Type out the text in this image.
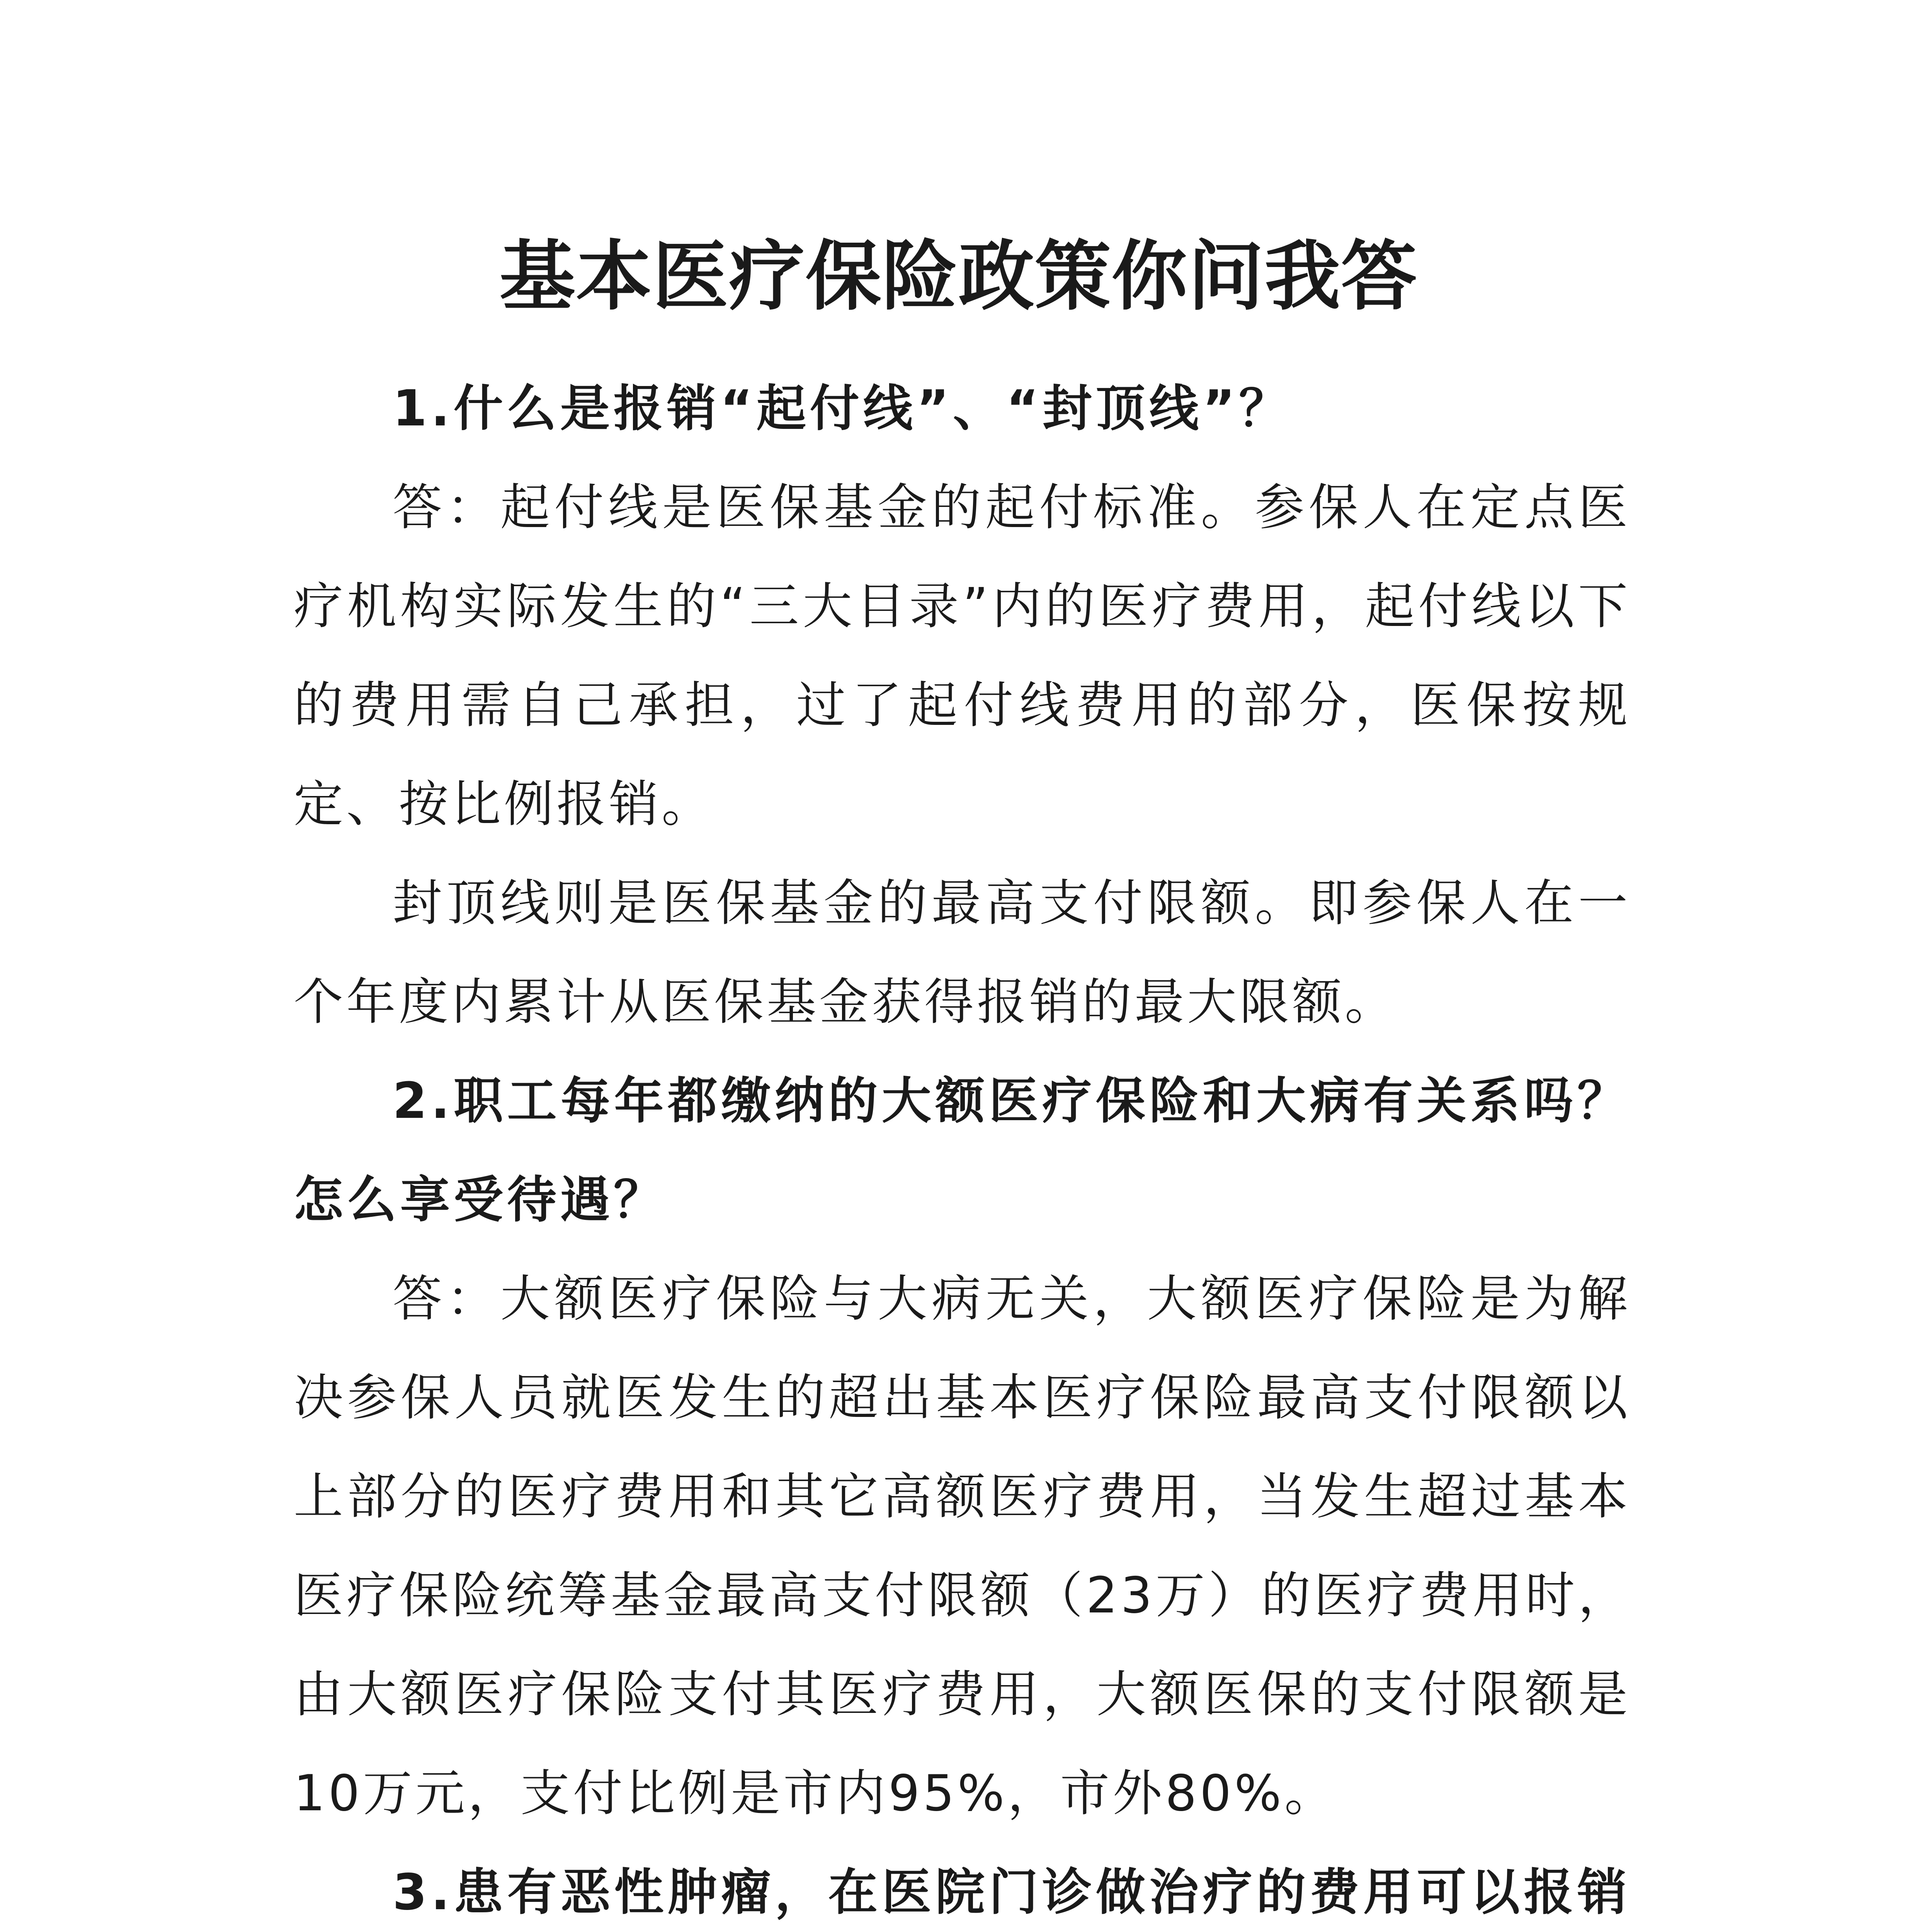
基本医疗保险政策你问我答

1.什么是报销“起付线”、“封顶线”？

答：起付线是医保基金的起付标准。参保人在定点医疗机构实际发生的“三大目录”内的医疗费用，起付线以下的费用需自己承担，过了起付线费用的部分，医保按规定、按比例报销。

封顶线则是医保基金的最高支付限额。即参保人在一个年度内累计从医保基金获得报销的最大限额。

2.职工每年都缴纳的大额医疗保险和大病有关系吗？怎么享受待遇？

答：大额医疗保险与大病无关，大额医疗保险是为解决参保人员就医发生的超出基本医疗保险最高支付限额以上部分的医疗费用和其它高额医疗费用，当发生超过基本医疗保险统筹基金最高支付限额（23万）的医疗费用时，由大额医疗保险支付其医疗费用，大额医保的支付限额是10万元，支付比例是市内95%，市外80%。

3.患有恶性肿瘤，在医院门诊做治疗的费用可以报销
